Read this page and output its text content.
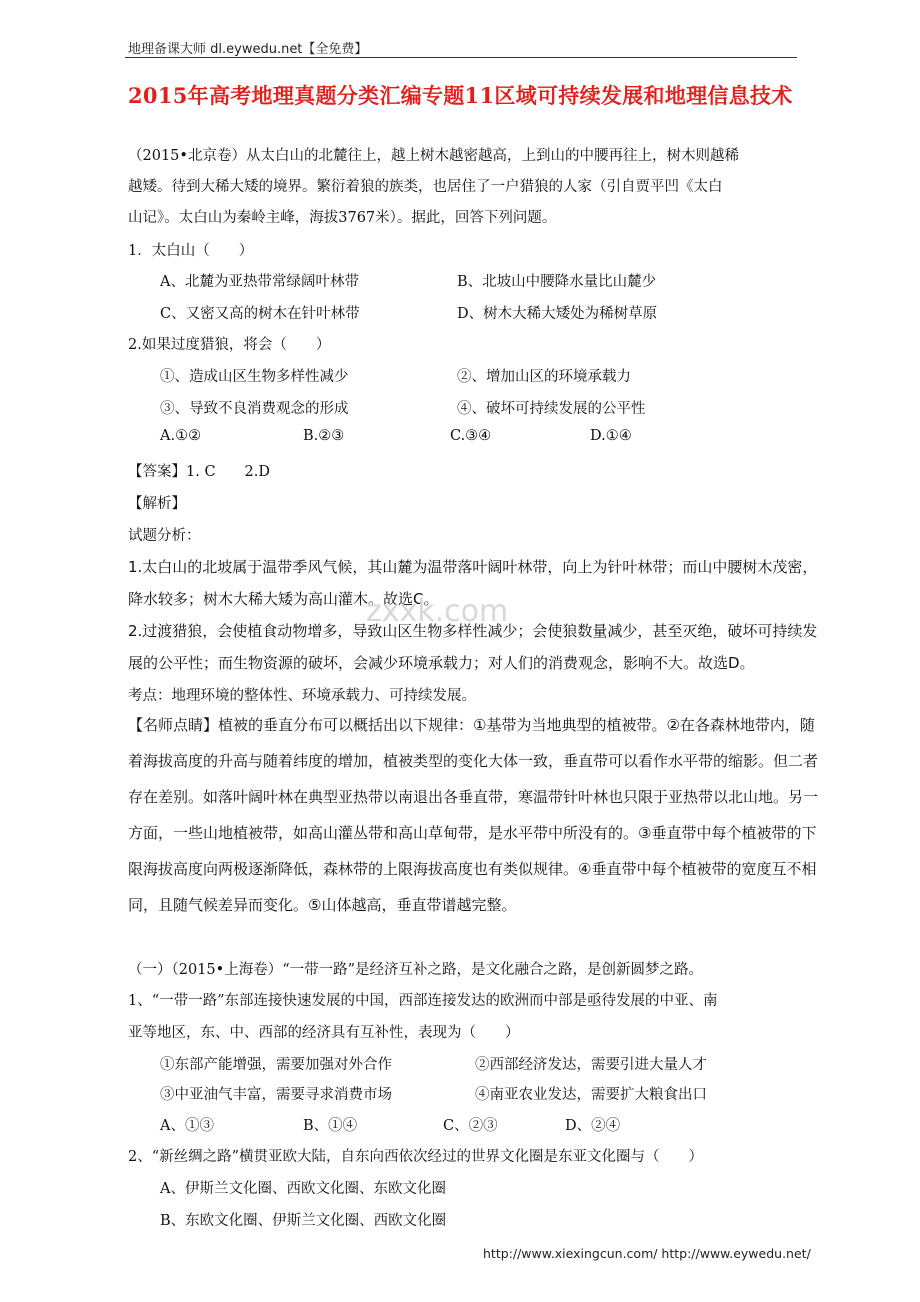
地理备课大师 dl.eywedu.net【全免费】
2015年高考地理真题分类汇编专题11区域可持续发展和地理信息技术
（2015•北京卷）从太白山的北麓往上，越上树木越密越高，上到山的中腰再往上，树木则越稀
越矮。待到大稀大矮的境界。繁衍着狼的族类，也居住了一户猎狼的人家（引自贾平凹《太白
山记》。太白山为秦岭主峰，海拔3767米）。据此，回答下列问题。
1．太白山（　　）
A、北麓为亚热带常绿阔叶林带	B、北坡山中腰降水量比山麓少
C、又密又高的树木在针叶林带	D、树木大稀大矮处为稀树草原
2.如果过度猎狼，将会（　　）
①、造成山区生物多样性减少	②、增加山区的环境承载力
③、导致不良消费观念的形成	④、破坏可持续发展的公平性
A.①②	B.②③	C.③④	D.①④
【答案】1. C　　2.D
【解析】
试题分析：
1.太白山的北坡属于温带季风气候，其山麓为温带落叶阔叶林带，向上为针叶林带；而山中腰树木茂密，
降水较多；树木大稀大矮为高山灌木。故选C。
2.过渡猎狼，会使植食动物增多，导致山区生物多样性减少；会使狼数量减少，甚至灭绝，破坏可持续发
展的公平性；而生物资源的破坏，会减少环境承载力；对人们的消费观念，影响不大。故选D。
考点：地理环境的整体性、环境承载力、可持续发展。
【名师点睛】植被的垂直分布可以概括出以下规律：①基带为当地典型的植被带。②在各森林地带内，随
着海拔高度的升高与随着纬度的增加，植被类型的变化大体一致，垂直带可以看作水平带的缩影。但二者
存在差别。如落叶阔叶林在典型亚热带以南退出各垂直带，寒温带针叶林也只限于亚热带以北山地。另一
方面，一些山地植被带，如高山灌丛带和高山草甸带，是水平带中所没有的。③垂直带中每个植被带的下
限海拔高度向两极逐渐降低，森林带的上限海拔高度也有类似规律。④垂直带中每个植被带的宽度互不相
同，且随气候差异而变化。⑤山体越高，垂直带谱越完整。
zxxk.com
（一）（2015•上海卷）“一带一路”是经济互补之路，是文化融合之路，是创新圆梦之路。
1、“一带一路”东部连接快速发展的中国，西部连接发达的欧洲而中部是亟待发展的中亚、南
亚等地区，东、中、西部的经济具有互补性，表现为（　　）
①东部产能增强，需要加强对外合作	②西部经济发达，需要引进大量人才
③中亚油气丰富，需要寻求消费市场	④南亚农业发达，需要扩大粮食出口
A、①③	B、①④	C、②③	D、②④
2、“新丝绸之路”横贯亚欧大陆，自东向西依次经过的世界文化圈是东亚文化圈与（　　）
A、伊斯兰文化圈、西欧文化圈、东欧文化圈
B、东欧文化圈、伊斯兰文化圈、西欧文化圈
http://www.xiexingcun.com/ http://www.eywedu.net/
